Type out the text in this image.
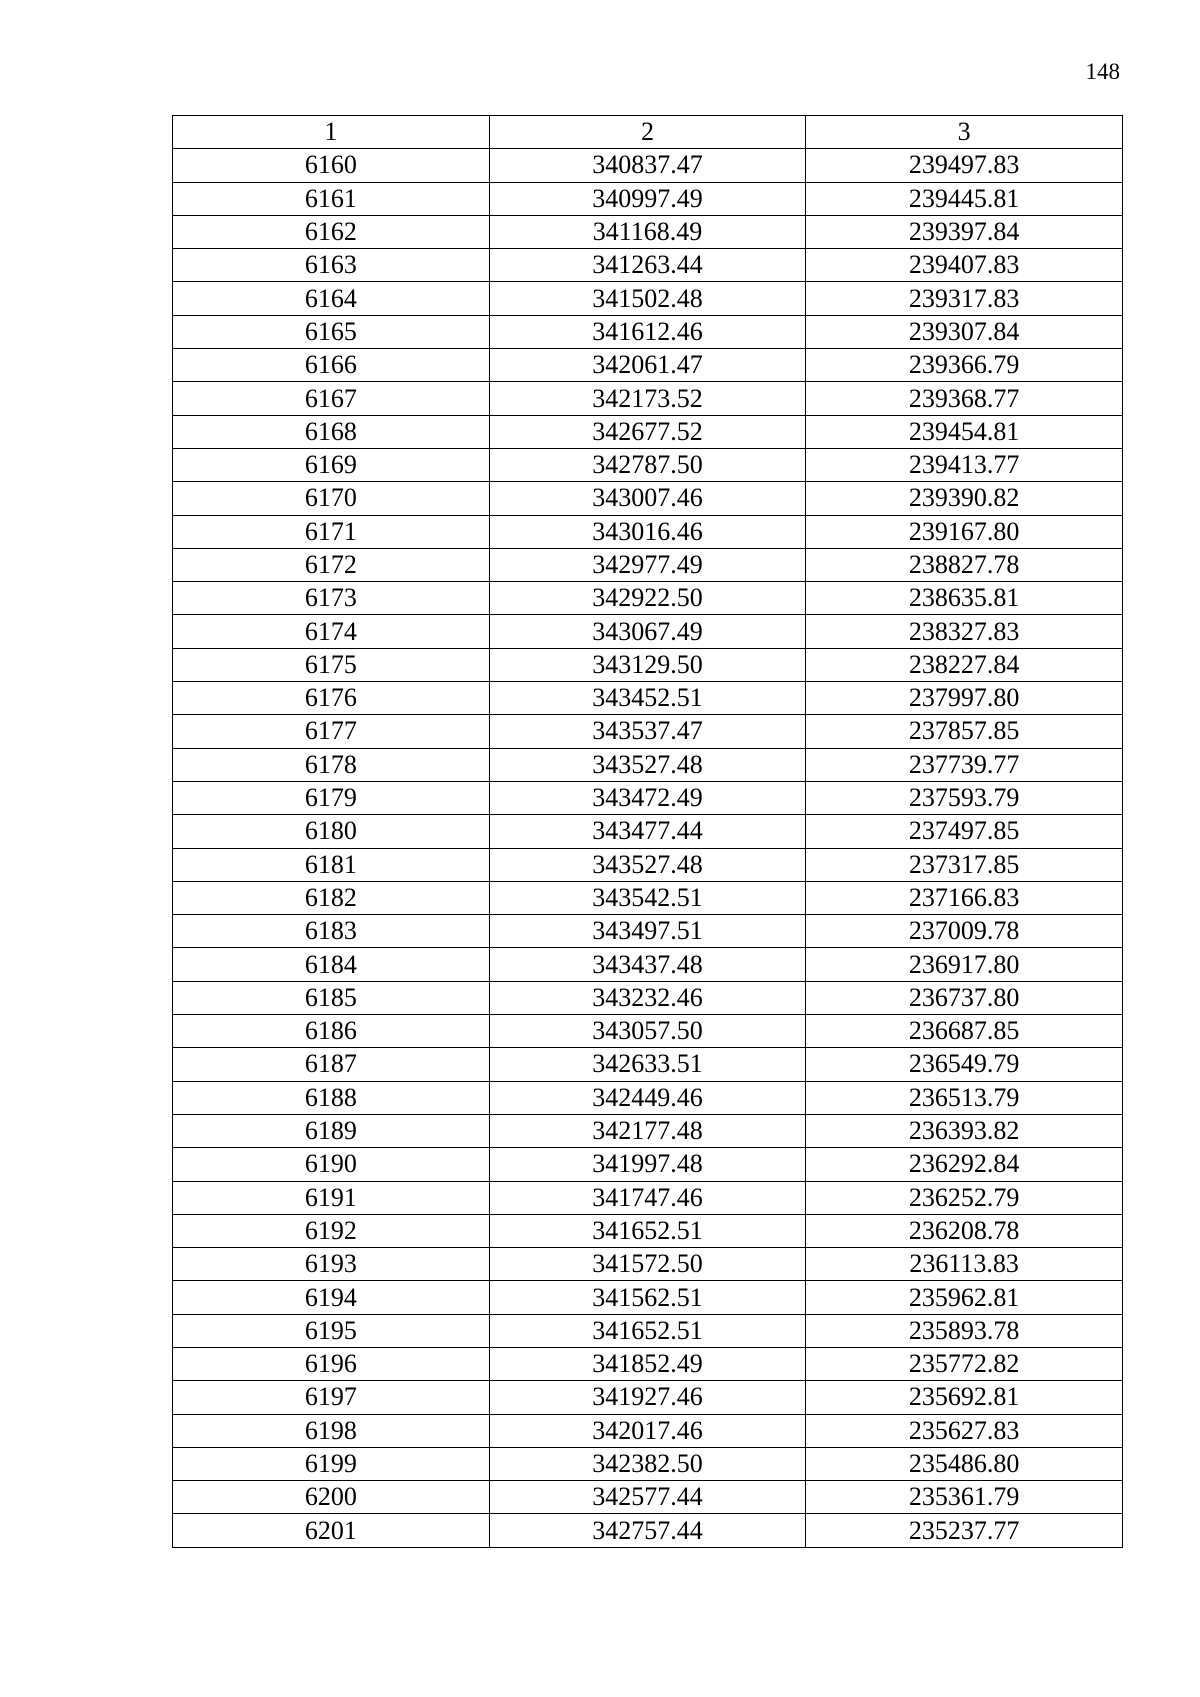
148
1	2	3
6160	340837.47	239497.83
6161	340997.49	239445.81
6162	341168.49	239397.84
6163	341263.44	239407.83
6164	341502.48	239317.83
6165	341612.46	239307.84
6166	342061.47	239366.79
6167	342173.52	239368.77
6168	342677.52	239454.81
6169	342787.50	239413.77
6170	343007.46	239390.82
6171	343016.46	239167.80
6172	342977.49	238827.78
6173	342922.50	238635.81
6174	343067.49	238327.83
6175	343129.50	238227.84
6176	343452.51	237997.80
6177	343537.47	237857.85
6178	343527.48	237739.77
6179	343472.49	237593.79
6180	343477.44	237497.85
6181	343527.48	237317.85
6182	343542.51	237166.83
6183	343497.51	237009.78
6184	343437.48	236917.80
6185	343232.46	236737.80
6186	343057.50	236687.85
6187	342633.51	236549.79
6188	342449.46	236513.79
6189	342177.48	236393.82
6190	341997.48	236292.84
6191	341747.46	236252.79
6192	341652.51	236208.78
6193	341572.50	236113.83
6194	341562.51	235962.81
6195	341652.51	235893.78
6196	341852.49	235772.82
6197	341927.46	235692.81
6198	342017.46	235627.83
6199	342382.50	235486.80
6200	342577.44	235361.79
6201	342757.44	235237.77
